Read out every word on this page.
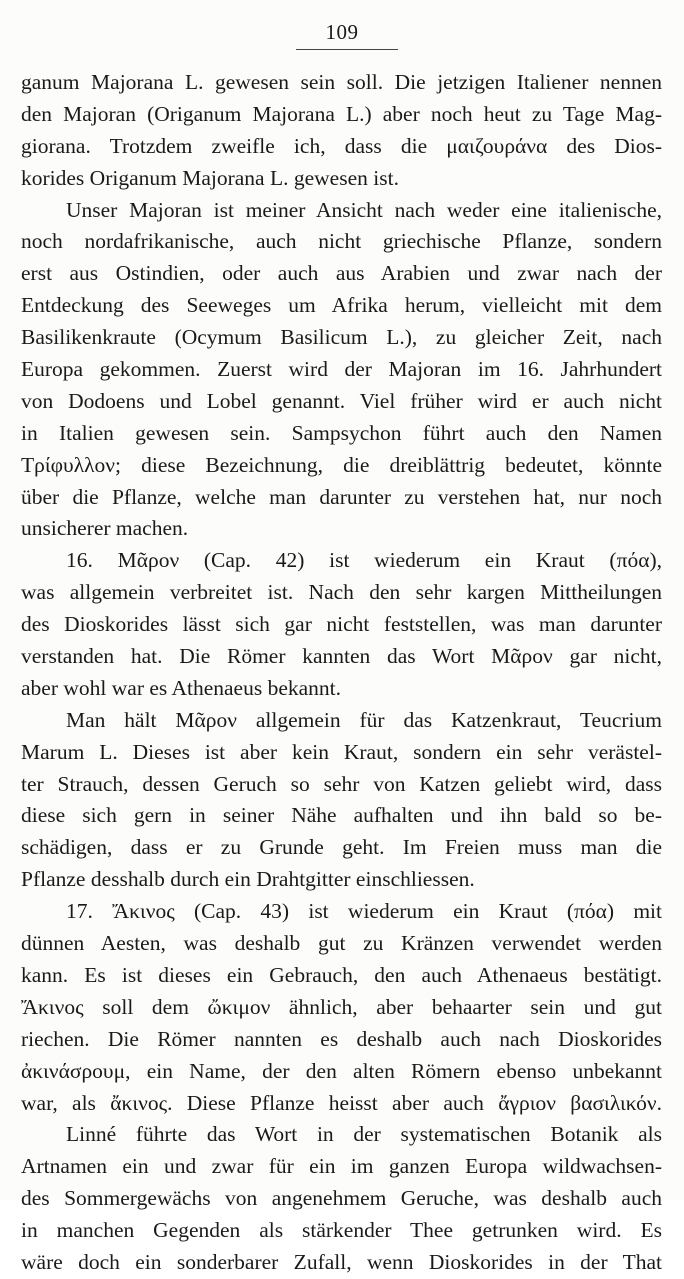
109
ganum Majorana L. gewesen sein soll. Die jetzigen Italiener nennen
den Majoran (Origanum Majorana L.) aber noch heut zu Tage Mag-
giorana. Trotzdem zweifle ich, dass die μαιζουράνα des Dios-
korides Origanum Majorana L. gewesen ist.
Unser Majoran ist meiner Ansicht nach weder eine italienische,
noch nordafrikanische, auch nicht griechische Pflanze, sondern
erst aus Ostindien, oder auch aus Arabien und zwar nach der
Entdeckung des Seeweges um Afrika herum, vielleicht mit dem
Basilikenkraute (Ocymum Basilicum L.), zu gleicher Zeit, nach
Europa gekommen. Zuerst wird der Majoran im 16. Jahrhundert
von Dodoens und Lobel genannt. Viel früher wird er auch nicht
in Italien gewesen sein. Sampsychon führt auch den Namen
Τρίφυλλον; diese Bezeichnung, die dreiblättrig bedeutet, könnte
über die Pflanze, welche man darunter zu verstehen hat, nur noch
unsicherer machen.
16. Μᾶρον (Cap. 42) ist wiederum ein Kraut (πόα),
was allgemein verbreitet ist. Nach den sehr kargen Mittheilungen
des Dioskorides lässt sich gar nicht feststellen, was man darunter
verstanden hat. Die Römer kannten das Wort Μᾶρον gar nicht,
aber wohl war es Athenaeus bekannt.
Man hält Μᾶρον allgemein für das Katzenkraut, Teucrium
Marum L. Dieses ist aber kein Kraut, sondern ein sehr verästel-
ter Strauch, dessen Geruch so sehr von Katzen geliebt wird, dass
diese sich gern in seiner Nähe aufhalten und ihn bald so be-
schädigen, dass er zu Grunde geht. Im Freien muss man die
Pflanze desshalb durch ein Drahtgitter einschliessen.
17. Ἄκινος (Cap. 43) ist wiederum ein Kraut (πόα) mit
dünnen Aesten, was deshalb gut zu Kränzen verwendet werden
kann. Es ist dieses ein Gebrauch, den auch Athenaeus bestätigt.
Ἄκινος soll dem ὤκιμον ähnlich, aber behaarter sein und gut
riechen. Die Römer nannten es deshalb auch nach Dioskorides
ἀκινάσρουμ, ein Name, der den alten Römern ebenso unbekannt
war, als ἄκινος. Diese Pflanze heisst aber auch ἄγριον βασιλικόν.
Linné führte das Wort in der systematischen Botanik als
Artnamen ein und zwar für ein im ganzen Europa wildwachsen-
des Sommergewächs von angenehmem Geruche, was deshalb auch
in manchen Gegenden als stärkender Thee getrunken wird. Es
wäre doch ein sonderbarer Zufall, wenn Dioskorides in der That
